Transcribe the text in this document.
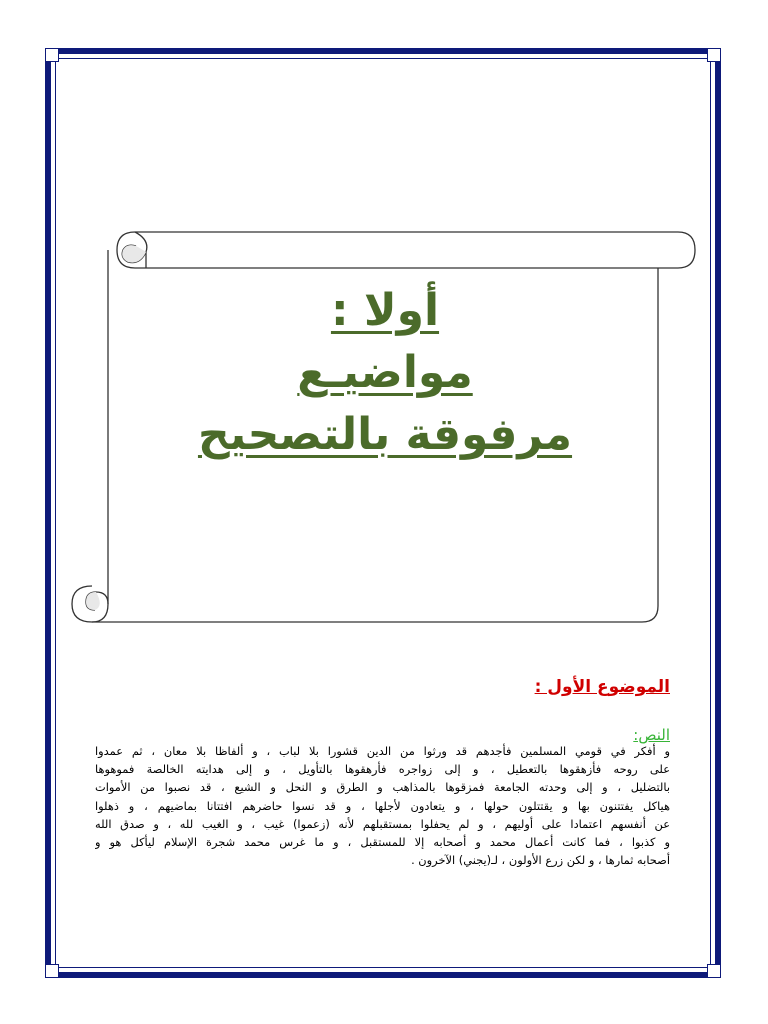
أولا :
مواضيـع
مرفوقة بالتصحيح
الموضوع الأول :
النص:
و أفكر في قومي المسلمين فأجدهم قد ورثوا من الدين قشورا بلا لباب ، و ألفاظا بلا معان ، ثم عمدوا
على روحه فأزهقوها بالتعطيل ، و إلى زواجره فأرهقوها بالتأويل ، و إلى هدايته الخالصة فموهوها
بالتضليل ، و إلى وحدته الجامعة فمزقوها بالمذاهب و الطرق و النحل و الشيع ، قد نصبوا من الأموات
هياكل يفتتنون بها و يقتتلون حولها ، و يتعادون لأجلها ، و قد نسوا حاضرهم افتتانا بماضيهم ، و ذهلوا
عن أنفسهم اعتمادا على أوليهم ، و لم يحفلوا بمستقبلهم لأنه (زعموا) غيب ، و الغيب لله ، و صدق الله
و كذبوا ، فما كانت أعمال محمد و أصحابه إلا للمستقبل ، و ما غرس محمد شجرة الإسلام ليأكل هو و
أصحابه ثمارها ، و لكن زرع الأولون ، لـ(يجني) الآخرون .
